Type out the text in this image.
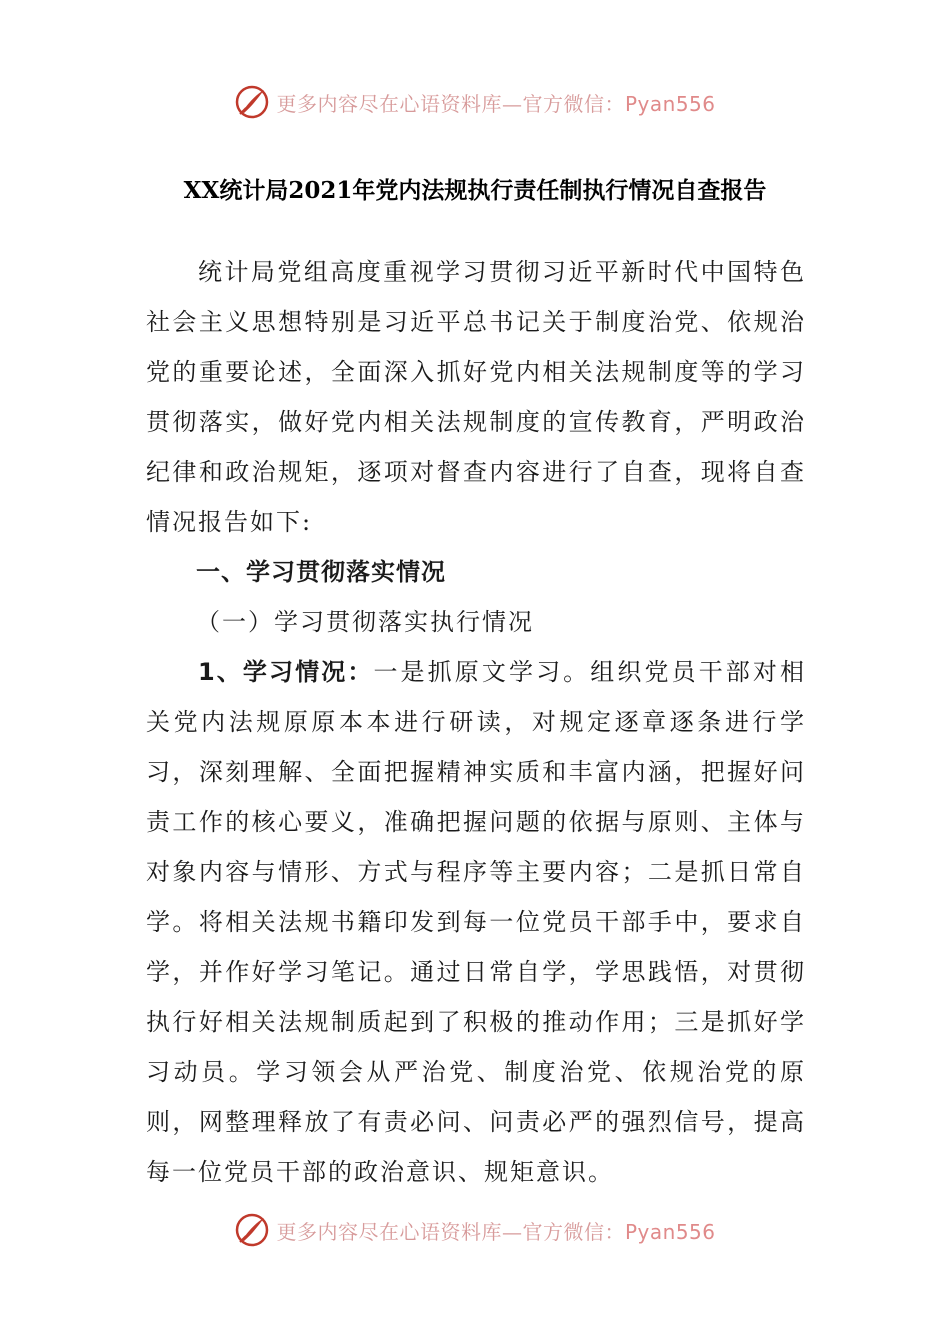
更多内容尽在心语资料库—官方微信：Pyan556
XX统计局2021年党内法规执行责任制执行情况自查报告

统计局党组高度重视学习贯彻习近平新时代中国特色社会主义思想特别是习近平总书记关于制度治党、依规治党的重要论述，全面深入抓好党内相关法规制度等的学习贯彻落实，做好党内相关法规制度的宣传教育，严明政治纪律和政治规矩，逐项对督查内容进行了自查，现将自查情况报告如下:

一、学习贯彻落实情况

（一）学习贯彻落实执行情况

1、学习情况：一是抓原文学习。组织党员干部对相关党内法规原原本本进行研读，对规定逐章逐条进行学习，深刻理解、全面把握精神实质和丰富内涵，把握好问责工作的核心要义，准确把握问题的依据与原则、主体与对象内容与情形、方式与程序等主要内容；二是抓日常自学。将相关法规书籍印发到每一位党员干部手中，要求自学，并作好学习笔记。通过日常自学，学思践悟，对贯彻执行好相关法规制质起到了积极的推动作用；三是抓好学习动员。学习领会从严治党、制度治党、依规治党的原则，网整理释放了有责必问、问责必严的强烈信号，提高每一位党员干部的政治意识、规矩意识。

更多内容尽在心语资料库—官方微信：Pyan556
